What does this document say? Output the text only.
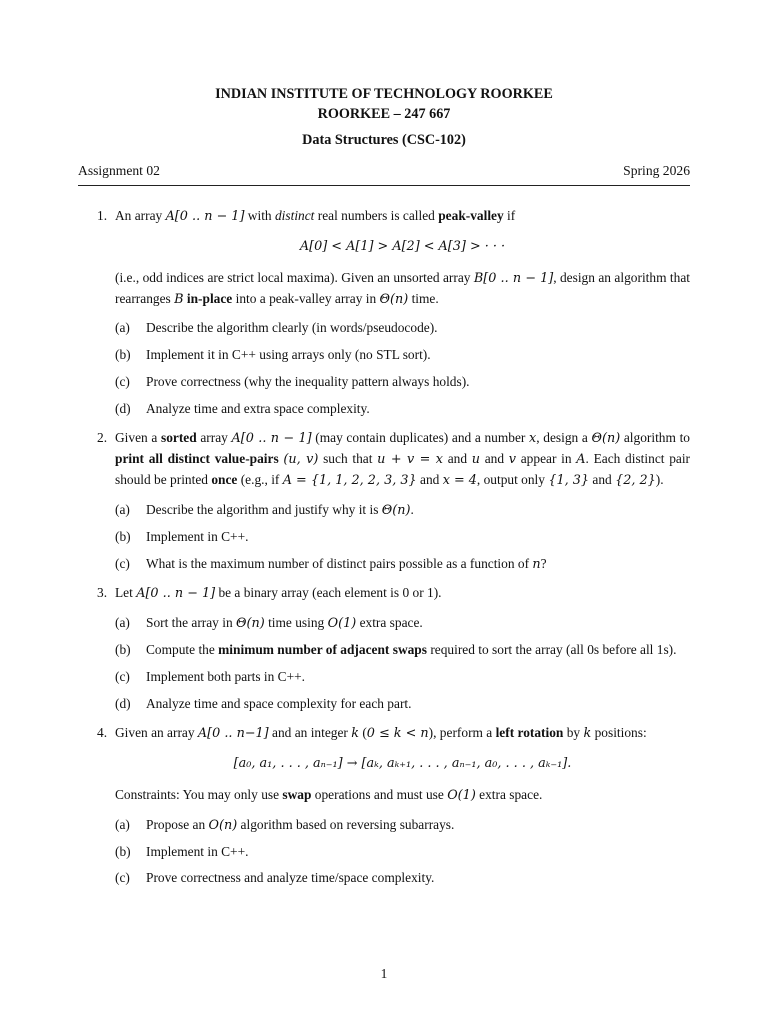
INDIAN INSTITUTE OF TECHNOLOGY ROORKEE
ROORKEE – 247 667
Data Structures (CSC-102)
Assignment 02	Spring 2026
1. An array A[0 .. n − 1] with distinct real numbers is called peak-valley if

A[0] < A[1] > A[2] < A[3] > · · ·

(i.e., odd indices are strict local maxima). Given an unsorted array B[0 .. n − 1], design an algorithm that rearranges B in-place into a peak-valley array in Θ(n) time.

(a) Describe the algorithm clearly (in words/pseudocode).
(b) Implement it in C++ using arrays only (no STL sort).
(c) Prove correctness (why the inequality pattern always holds).
(d) Analyze time and extra space complexity.
2. Given a sorted array A[0 .. n − 1] (may contain duplicates) and a number x, design a Θ(n) algorithm to print all distinct value-pairs (u, v) such that u + v = x and u and v appear in A. Each distinct pair should be printed once (e.g., if A = {1, 1, 2, 2, 3, 3} and x = 4, output only {1, 3} and {2, 2}).

(a) Describe the algorithm and justify why it is Θ(n).
(b) Implement in C++.
(c) What is the maximum number of distinct pairs possible as a function of n?
3. Let A[0 .. n − 1] be a binary array (each element is 0 or 1).

(a) Sort the array in Θ(n) time using O(1) extra space.
(b) Compute the minimum number of adjacent swaps required to sort the array (all 0s before all 1s).
(c) Implement both parts in C++.
(d) Analyze time and space complexity for each part.
4. Given an array A[0 .. n−1] and an integer k (0 ≤ k < n), perform a left rotation by k positions:

[a₀, a₁, . . . , aₙ₋₁] → [aₖ, aₖ₊₁, . . . , aₙ₋₁, a₀, . . . , aₖ₋₁].

Constraints: You may only use swap operations and must use O(1) extra space.

(a) Propose an O(n) algorithm based on reversing subarrays.
(b) Implement in C++.
(c) Prove correctness and analyze time/space complexity.
1
